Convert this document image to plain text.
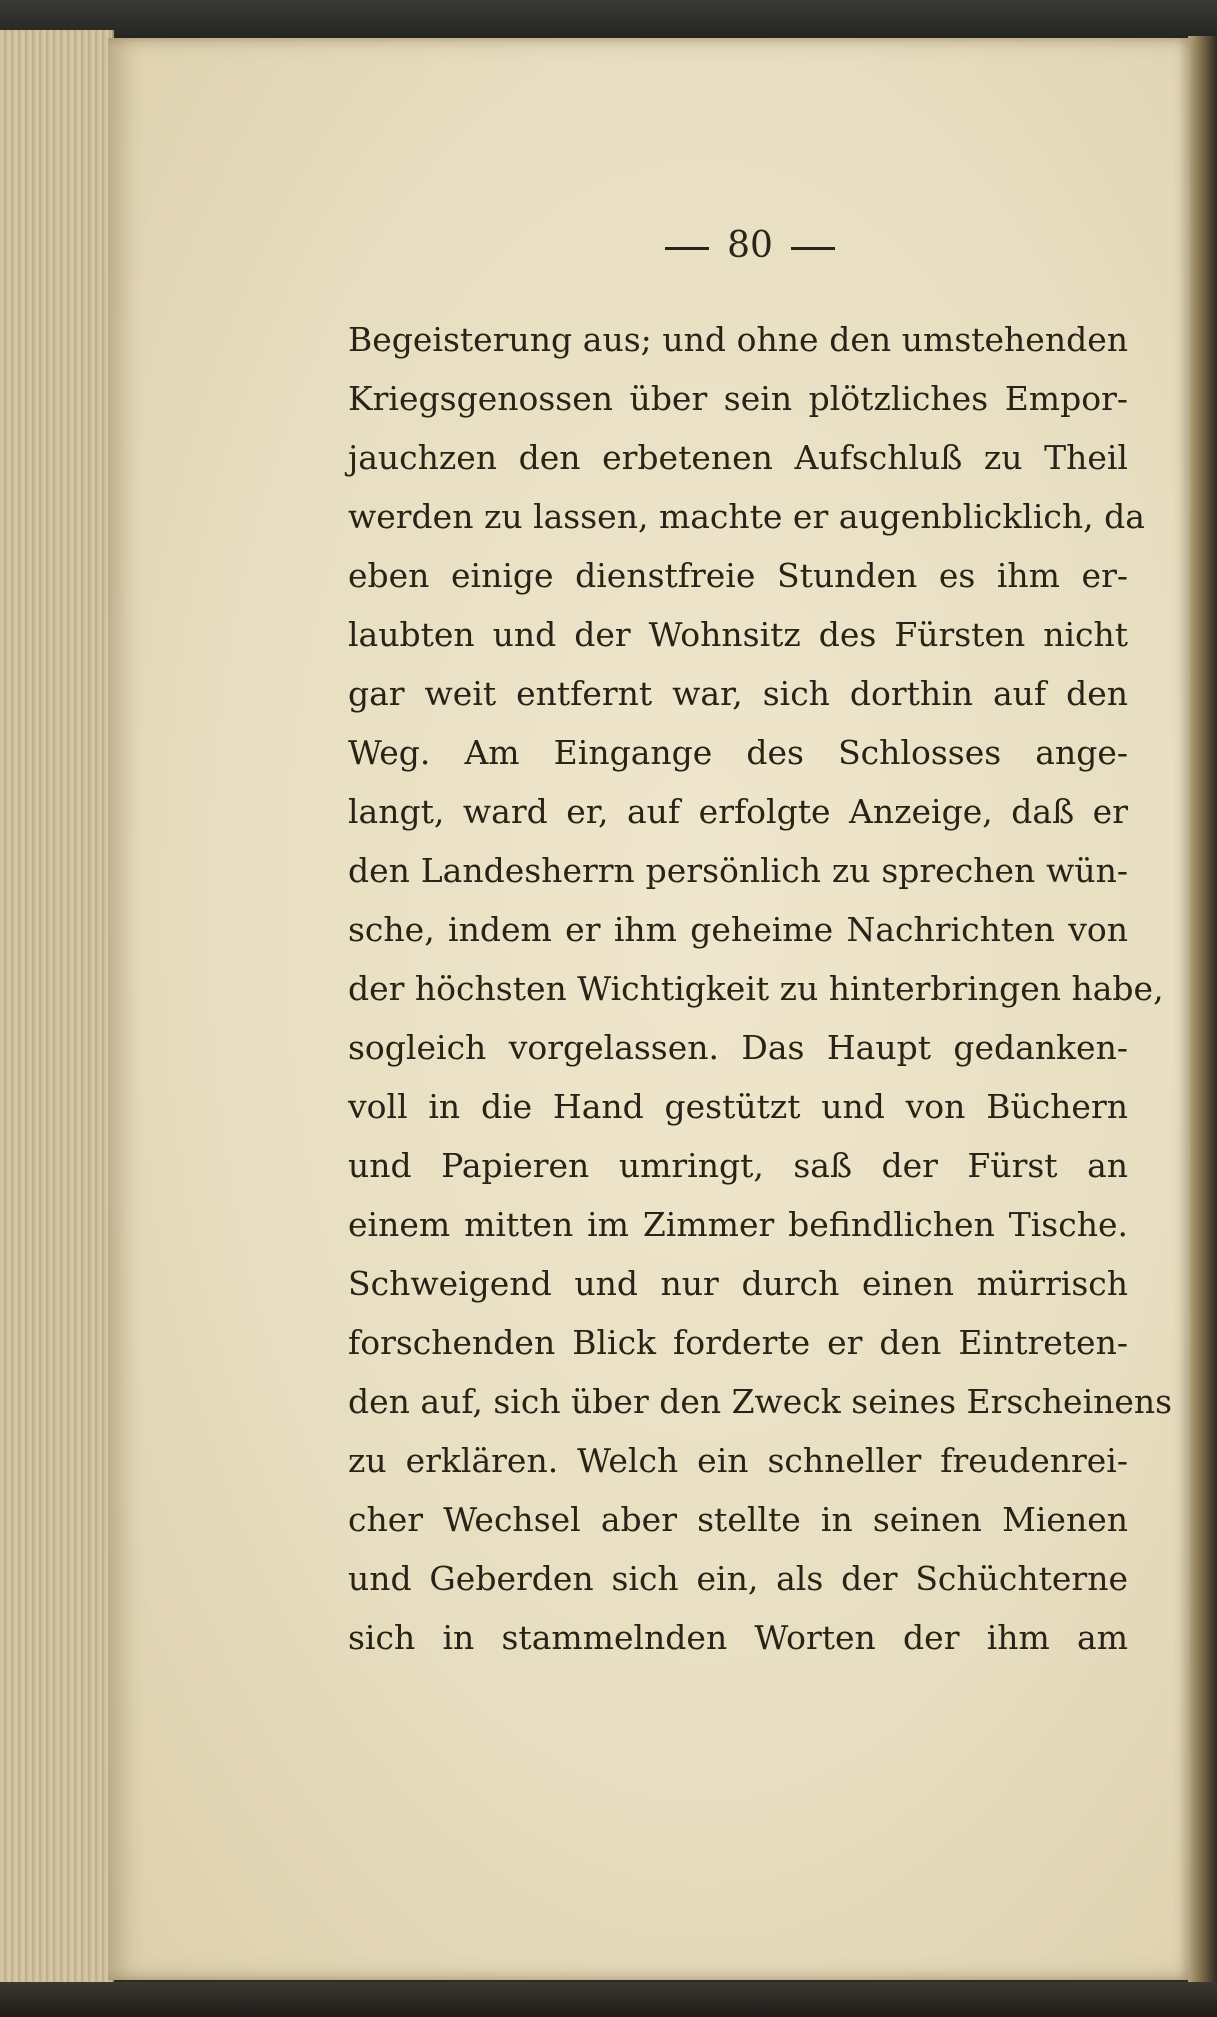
80
Begeisterung aus; und ohne den umstehenden
Kriegsgenossen über sein plötzliches Empor-
jauchzen den erbetenen Aufschluß zu Theil
werden zu lassen, machte er augenblicklich, da
eben einige dienstfreie Stunden es ihm er-
laubten und der Wohnsitz des Fürsten nicht
gar weit entfernt war, sich dorthin auf den
Weg. Am Eingange des Schlosses ange-
langt, ward er, auf erfolgte Anzeige, daß er
den Landesherrn persönlich zu sprechen wün-
sche, indem er ihm geheime Nachrichten von
der höchsten Wichtigkeit zu hinterbringen habe,
sogleich vorgelassen. Das Haupt gedanken-
voll in die Hand gestützt und von Büchern
und Papieren umringt, saß der Fürst an
einem mitten im Zimmer befindlichen Tische.
Schweigend und nur durch einen mürrisch
forschenden Blick forderte er den Eintreten-
den auf, sich über den Zweck seines Erscheinens
zu erklären. Welch ein schneller freudenrei-
cher Wechsel aber stellte in seinen Mienen
und Geberden sich ein, als der Schüchterne
sich in stammelnden Worten der ihm am
